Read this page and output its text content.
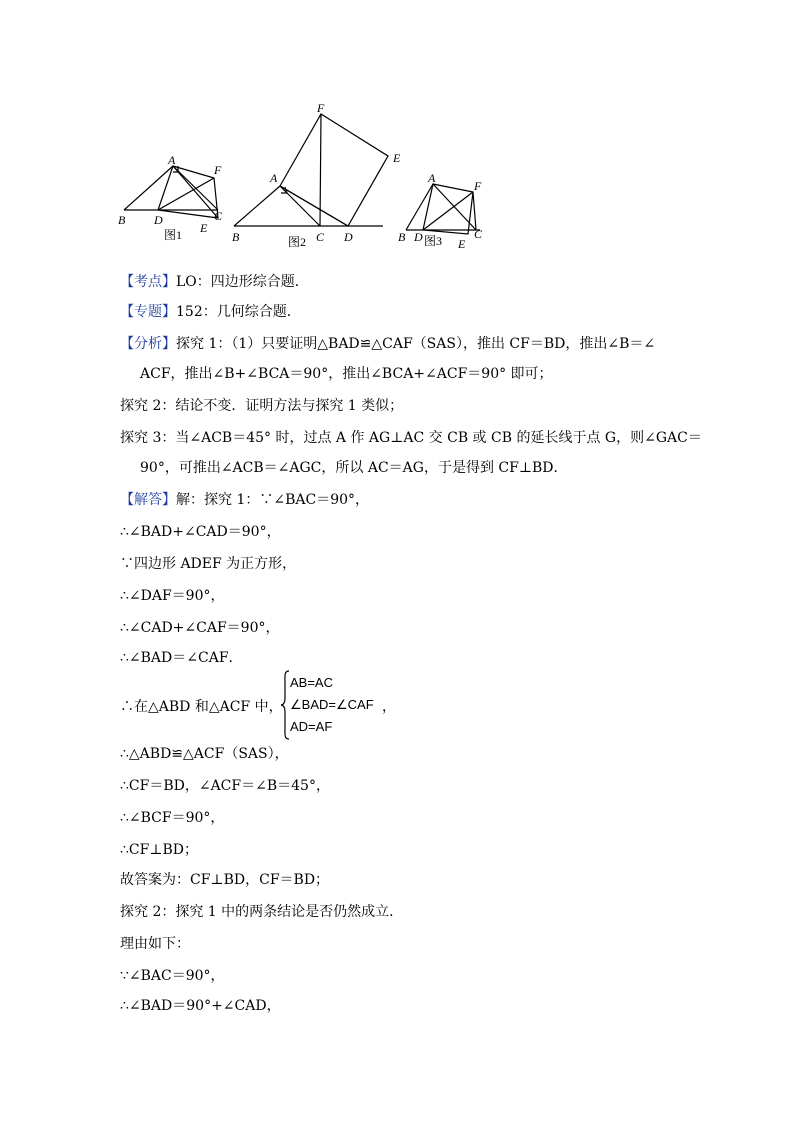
B
A
F
D	C
E
图1
A
F
E
B	C D
图2
A
F
B D	C
E
图3
【考点】LO：四边形综合题．
【专题】152：几何综合题．
【分析】探究 1：（1）只要证明△BAD≌△CAF（SAS），推出 CF＝BD，推出∠B＝∠
ACF，推出∠B+∠BCA＝90°，推出∠BCA+∠ACF＝90° 即可；
探究 2：结论不变．证明方法与探究 1 类似；
探究 3：当∠ACB＝45° 时，过点 A 作 AG⊥AC 交 CB 或 CB 的延长线于点 G，则∠GAC＝
90°，可推出∠ACB＝∠AGC，所以 AC＝AG，于是得到 CF⊥BD．
【解答】解：探究 1：∵∠BAC＝90°，
∴∠BAD+∠CAD＝90°，
∵四边形 ADEF 为正方形，
∴∠DAF＝90°，
∴∠CAD+∠CAF＝90°，
∴∠BAD＝∠CAF．
∴在△ABD 和△ACF 中，
AB=AC
∠BAD=∠CAF
AD=AF
，
∴△ABD≌△ACF（SAS），
∴CF＝BD，∠ACF＝∠B＝45°，
∴∠BCF＝90°，
∴CF⊥BD；
故答案为：CF⊥BD，CF＝BD；
探究 2：探究 1 中的两条结论是否仍然成立．
理由如下：
∵∠BAC＝90°，
∴∠BAD＝90°+∠CAD，
